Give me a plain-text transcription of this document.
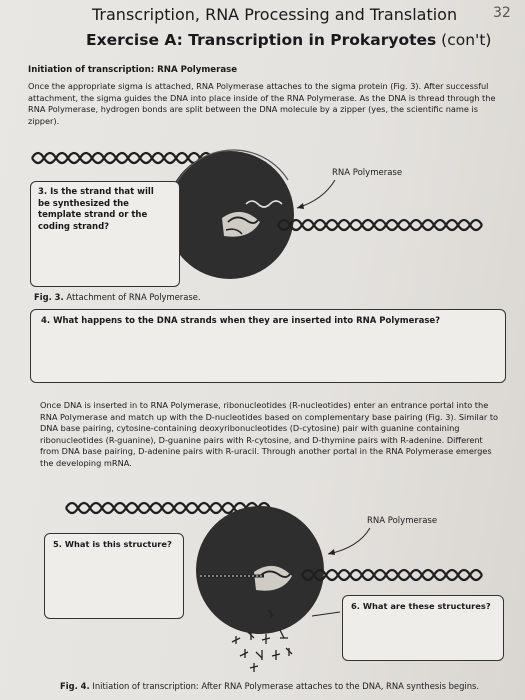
Transcription, RNA Processing and Translation	32
Exercise A: Transcription in Prokaryotes (con't)
Initiation of transcription: RNA Polymerase
Once the appropriate sigma is attached, RNA Polymerase attaches to the sigma protein (Fig. 3). After successful attachment, the sigma guides the DNA into place inside of the RNA Polymerase. As the DNA is thread through the RNA Polymerase, hydrogen bonds are split between the DNA molecule by a zipper (yes, the scientific name is zipper).
RNA Polymerase
3. Is the strand that will be synthesized the template strand or the coding strand?
Fig. 3. Attachment of RNA Polymerase.
4. What happens to the DNA strands when they are inserted into RNA Polymerase?
Once DNA is inserted in to RNA Polymerase, ribonucleotides (R-nucleotides) enter an entrance portal into the RNA Polymerase and match up with the D-nucleotides based on complementary base pairing (Fig. 3). Similar to DNA base pairing, cytosine-containing deoxyribonucleotides (D-cytosine) pair with guanine containing ribonucleotides (R-guanine), D-guanine pairs with R-cytosine, and D-thymine pairs with R-adenine. Different from DNA base pairing, D-adenine pairs with R-uracil. Through another portal in the RNA Polymerase emerges the developing mRNA.
RNA Polymerase
5. What is this structure?
6. What are these structures?
Fig. 4. Initiation of transcription: After RNA Polymerase attaches to the DNA, RNA synthesis begins.
